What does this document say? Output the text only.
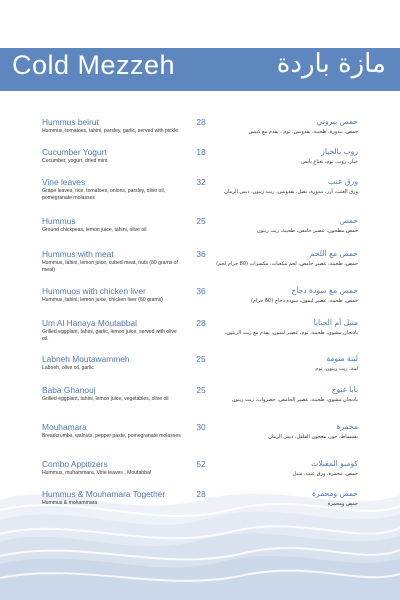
Cold Mezzeh	مازة باردة
Hummus beirut
Hummus, tomatoes, tahini, parsley, garlic, served with pickle
28	حمص بيروتي
حمص، بندورة، طحينة، بقدونس، ثوم ، يقدم مع كبيس
Cucumber Yogurt
Cucumber, yogurt, dried mint
18	روب بالخيار
خيار، روب، ثوم، نعناع يابس
Vine leaves
Grape leaves, rice, tomatoes, onions, parsley, olive oil, pomegranate molasses
32	ورق عنب
ورق العنب، أرز، بندورة، بصل، بقدونس، زيت زيتون، دبس الرمان
Hummus
Ground chickpeas, lemon juice, tahini, olive oil
25	حمص
حمص مطحون، عصير حامض، طحينة، زيت زيتون
Hummus with meat
Hummus, tahini, lemon juice, cubed meat, nuts (80 grams of meat)
36	حمص مع اللحم
حمص، طحينة، عصير حامض، لحم مكعبات، مكسرات (80 جرام لحم)
Hummuos with chicken liver
Hummus, tahini, lemon juice, chicken liver (60 grams)
36	حمص مع سودة دجاج
حمص، طحينة، عصير ليمون، سودة دجاج (60 جرام)
Um Al Hanaya Moutabbal
Grilled eggplant, tahini, garlic, lemon juice, served with olive oil.
28	متبل أم الحنايا
باذنجان مشوي، طحينة، ثوم، عصير ليمون، يقدم مع زيت الزيتون.
Labneh Moutawammeh
Labneh, olive oil, garlic
25	لبنة متومة
لبنة، زيت زيتون، ثوم
Baba Ghanouj
Grilled eggplant, tahini, lemon juice, vegetables, olive oil
25	بابا غنوج
باذنجان مشوي، طحينة، عصير الحامض، خضروات، زيت زيتون
Mouhamara
Breadcrumbs, walnuts, pepper paste, pomegranate molasses
30	محمرة
بقسماط، جوز، معجون الفلفل، دبس الرمان
Combo Appitizers
Hummus, muhammara, Vine leaves , Moutabbal
52	كومبو المقبلات
حمص، محمرة، ورق عنب، متبل
Hummus & Mouhamara Together
Hummus & mohammara
28	حمص ومحمرة
حمص ومحمرة
